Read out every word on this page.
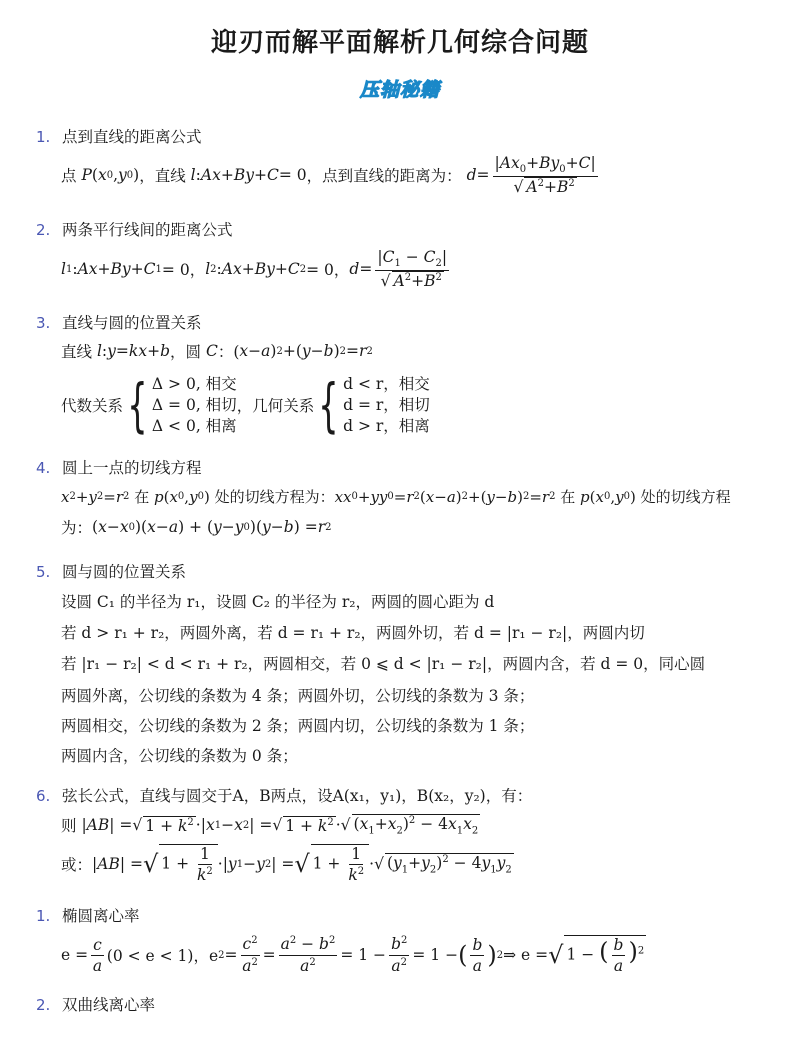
迎刃而解平面解析几何综合问题
压轴秘籍
1. 点到直线的距离公式
点
P ( x 0 , y 0 ) ，直线
l : Ax + By + C = 0 ，点到直线的距离为：
$d = |Ax_0+By_0+C|$
√ $A^2+B^2$
2. 两条平行线间的距离公式
l 1 : Ax + By + C 1 = 0， l 2 : Ax + By + C 2 = 0， $d = |C_1 - C_2|$
√ $A^2+B^2$
3. 直线与圆的位置关系
直线
l : y = kx + b ，圆
C ：( x − a ) 2 +( y − b ) 2 = r 2
代数关系 { Δ > 0, 相交
Δ = 0, 相切
Δ < 0, 相离
，几何关系 { d < r，相交
d = r，相切
d > r，相离
4. 圆上一点的切线方程
x 2 + y 2 = r 2
在
p ( x 0 , y 0 ) 处的切线方程为： xx 0 + yy 0 = r 2 ( x − a ) 2 +( y − b ) 2 = r 2
在
p ( x 0 , y 0 ) 处的切线方程
为： ( x − x 0 )( x − a ) + ( y − y 0 )( y − b ) = r 2
5. 圆与圆的位置关系
设圆 C₁ 的半径为 r₁，设圆 C₂ 的半径为 r₂，两圆的圆心距为 d
若 d > r₁ + r₂，两圆外离，若 d = r₁ + r₂，两圆外切，若 d = |r₁ − r₂|，两圆内切
若 |r₁ − r₂| < d < r₁ + r₂，两圆相交，若 0 ⩽ d < |r₁ − r₂|，两圆内含，若 d = 0，同心圆
两圆外离，公切线的条数为 4 条；两圆外切，公切线的条数为 3 条；
两圆相交，公切线的条数为 2 条；两圆内切，公切线的条数为 1 条；
两圆内含，公切线的条数为 0 条；
6. 弦长公式，直线与圆交于A，B两点，设A(x₁，y₁)，B(x₂，y₂)，有：
则 | AB | = √ $1 + k^2$ ·| x 1 − x 2 | = √ $1 + k^2$ · √ $(x_1+x_2)^2 - 4x_1x_2$
或： | AB | = √ $1 + \frac{1}{k^2}$ ·| y 1 − y 2 | = √ $1 + \frac{1}{k^2}$ · √ $(y_1+y_2)^2 - 4y_1y_2$
1. 椭圆离心率
$e = \frac{c}{a} (0 < e < 1)$，e $2 = \frac{c^2}{a^2} = \frac{a^2 - b^2}{a^2} = 1 - \frac{b^2}{a^2} = 1$ − ( $\frac{b}{a}$ ) 2 ⇒ e = √ 1 − ( $\frac{b}{a} )^2$
2. 双曲线离心率
